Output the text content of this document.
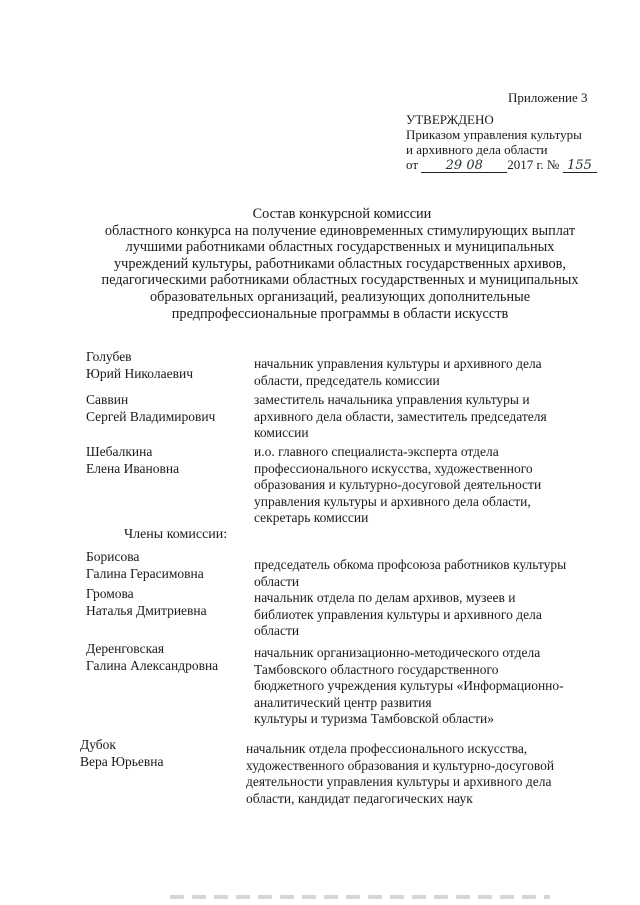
Приложение 3
УТВЕРЖДЕНО
Приказом управления культуры
и архивного дела области
от 29 08 2017 г. № 155
Состав конкурсной комиссии
областного конкурса на получение единовременных стимулирующих выплат
лучшими работниками областных государственных и муниципальных
учреждений культуры, работниками областных государственных архивов,
педагогическими работниками областных государственных и муниципальных
образовательных организаций, реализующих дополнительные
предпрофессиональные программы в области искусств
Голубев
Юрий Николаевич
начальник управления культуры и архивного дела
области, председатель комиссии
Саввин
Сергей Владимирович
заместитель начальника управления культуры и
архивного дела области, заместитель председателя
комиссии
Шебалкина
Елена Ивановна
и.о. главного специалиста-эксперта отдела
профессионального искусства, художественного
образования и культурно-досуговой деятельности
управления культуры и архивного дела области,
секретарь комиссии
Члены комиссии:
Борисова
Галина Герасимовна
председатель обкома профсоюза работников культуры
области
Громова
Наталья Дмитриевна
начальник отдела по делам архивов, музеев и
библиотек управления культуры и архивного дела
области
Деренговская
Галина Александровна
начальник организационно-методического отдела
Тамбовского областного государственного
бюджетного учреждения культуры «Информационно-
аналитический центр развития
культуры и туризма Тамбовской области»
Дубок
Вера Юрьевна
начальник отдела профессионального искусства,
художественного образования и культурно-досуговой
деятельности управления культуры и архивного дела
области, кандидат педагогических наук
